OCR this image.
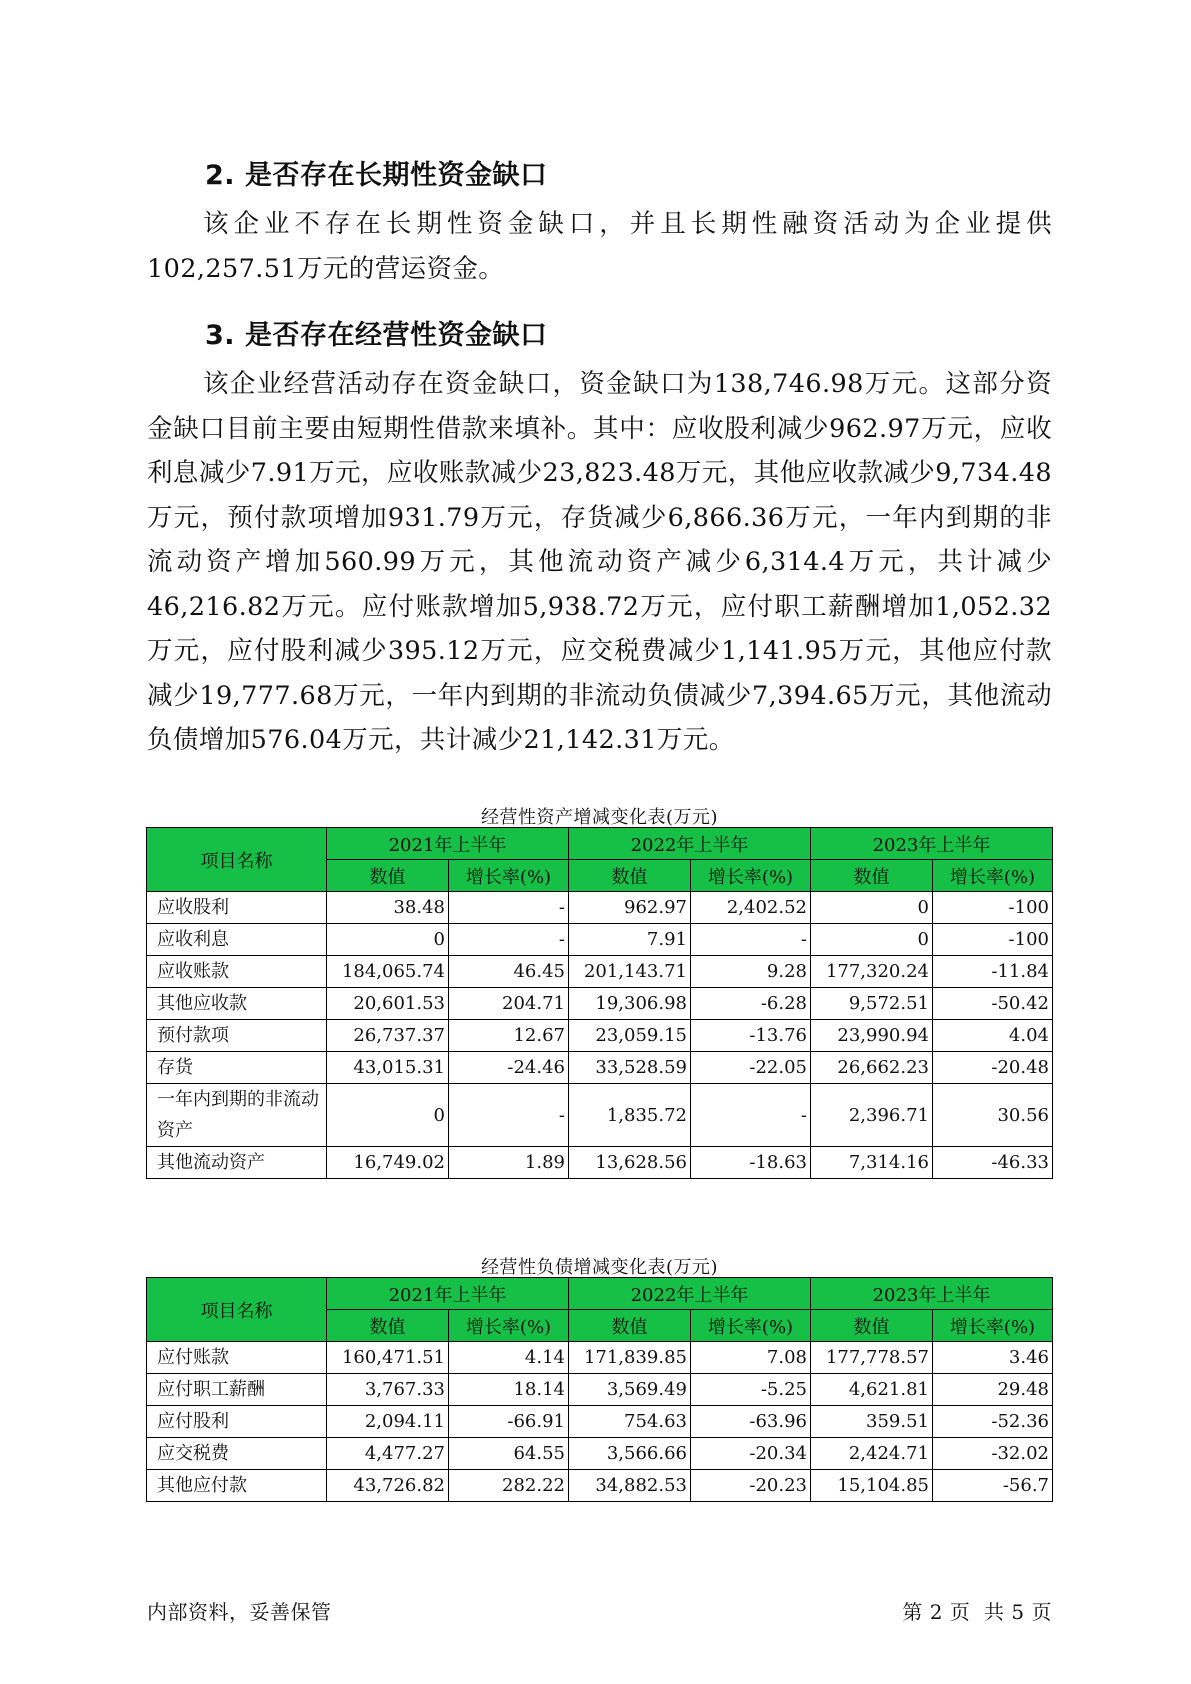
2. 是否存在长期性资金缺口

该企业不存在长期性资金缺口，并且长期性融资活动为企业提供102,257.51万元的营运资金。

3. 是否存在经营性资金缺口

该企业经营活动存在资金缺口，资金缺口为138,746.98万元。这部分资金缺口目前主要由短期性借款来填补。其中：应收股利减少962.97万元，应收利息减少7.91万元，应收账款减少23,823.48万元，其他应收款减少9,734.48万元，预付款项增加931.79万元，存货减少6,866.36万元，一年内到期的非流动资产增加560.99万元，其他流动资产减少6,314.4万元，共计减少46,216.82万元。应付账款增加5,938.72万元，应付职工薪酬增加1,052.32万元，应付股利减少395.12万元，应交税费减少1,141.95万元，其他应付款减少19,777.68万元，一年内到期的非流动负债减少7,394.65万元，其他流动负债增加576.04万元，共计减少21,142.31万元。

经营性资产增减变化表(万元)
项目名称	2021年上半年		2022年上半年		2023年上半年	
	数值	增长率(%)	数值	增长率(%)	数值	增长率(%)
应收股利	38.48	-	962.97	2,402.52	0	-100
应收利息	0	-	7.91	-	0	-100
应收账款	184,065.74	46.45	201,143.71	9.28	177,320.24	-11.84
其他应收款	20,601.53	204.71	19,306.98	-6.28	9,572.51	-50.42
预付款项	26,737.37	12.67	23,059.15	-13.76	23,990.94	4.04
存货	43,015.31	-24.46	33,528.59	-22.05	26,662.23	-20.48
一年内到期的非流动资产	0	-	1,835.72	-	2,396.71	30.56
其他流动资产	16,749.02	1.89	13,628.56	-18.63	7,314.16	-46.33
经营性负债增减变化表(万元)
项目名称	2021年上半年		2022年上半年		2023年上半年	
	数值	增长率(%)	数值	增长率(%)	数值	增长率(%)
应付账款	160,471.51	4.14	171,839.85	7.08	177,778.57	3.46
应付职工薪酬	3,767.33	18.14	3,569.49	-5.25	4,621.81	29.48
应付股利	2,094.11	-66.91	754.63	-63.96	359.51	-52.36
应交税费	4,477.27	64.55	3,566.66	-20.34	2,424.71	-32.02
其他应付款	43,726.82	282.22	34,882.53	-20.23	15,104.85	-56.7
内部资料，妥善保管	第 2 页  共 5 页
